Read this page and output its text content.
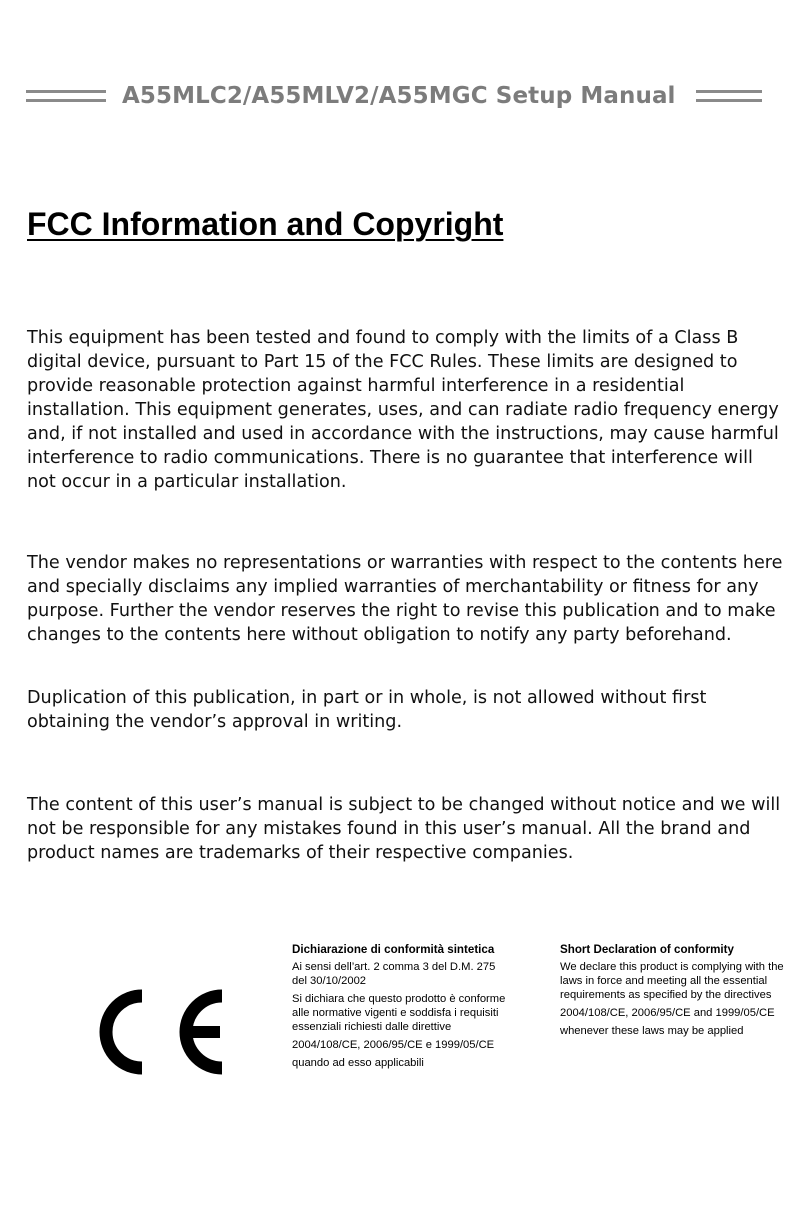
A55MLC2/A55MLV2/A55MGC Setup Manual
FCC Information and Copyright

This equipment has been tested and found to comply with the limits of a Class B digital device, pursuant to Part 15 of the FCC Rules. These limits are designed to provide reasonable protection against harmful interference in a residential installation. This equipment generates, uses, and can radiate radio frequency energy and, if not installed and used in accordance with the instructions, may cause harmful interference to radio communications. There is no guarantee that interference will not occur in a particular installation.

The vendor makes no representations or warranties with respect to the contents here and specially disclaims any implied warranties of merchantability or fitness for any purpose. Further the vendor reserves the right to revise this publication and to make changes to the contents here without obligation to notify any party beforehand.

Duplication of this publication, in part or in whole, is not allowed without first obtaining the vendor’s approval in writing.

The content of this user’s manual is subject to be changed without notice and we will not be responsible for any mistakes found in this user’s manual. All the brand and product names are trademarks of their respective companies.

Dichiarazione di conformità sintetica

Ai sensi dell’art. 2 comma 3 del D.M. 275 del 30/10/2002

Si dichiara che questo prodotto è conforme alle normative vigenti e soddisfa i requisiti essenziali richiesti dalle direttive

2004/108/CE, 2006/95/CE e 1999/05/CE

quando ad esso applicabili

Short Declaration of conformity

We declare this product is complying with the laws in force and meeting all the essential requirements as specified by the directives

2004/108/CE, 2006/95/CE and 1999/05/CE

whenever these laws may be applied
